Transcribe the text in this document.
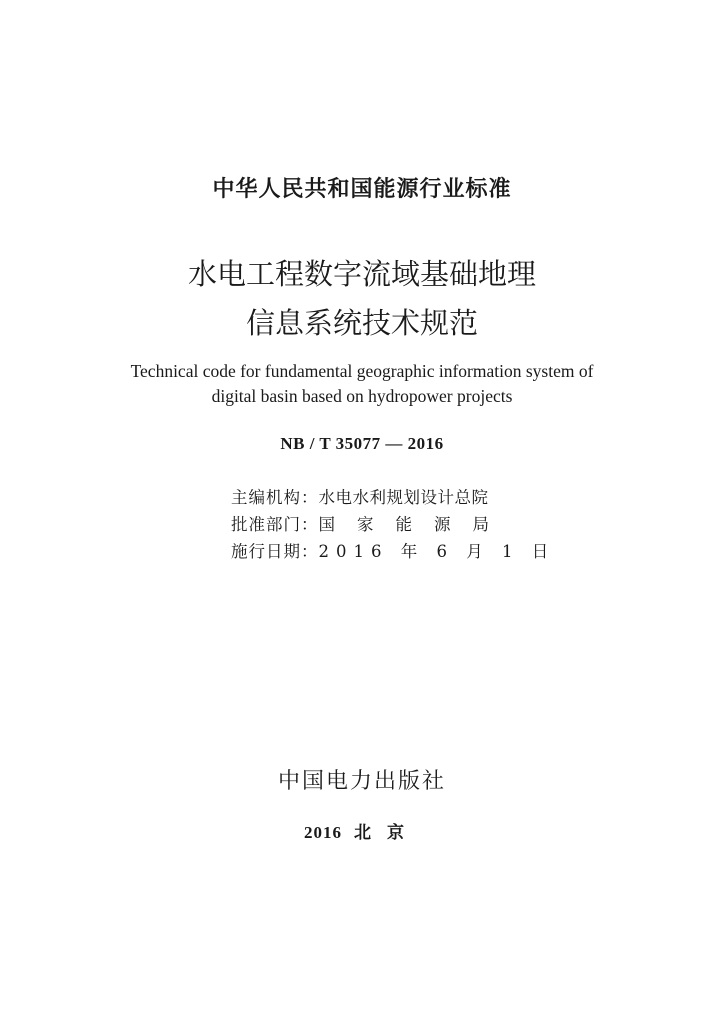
中华人民共和国能源行业标准
水电工程数字流域基础地理
信息系统技术规范
Technical code for fundamental geographic information system of
digital basin based on hydropower projects
NB / T 35077 — 2016
主编机构：水电水利规划设计总院
批准部门：国家能源局
施行日期：2016 年 6 月 1 日
中国电力出版社
2016 北京
